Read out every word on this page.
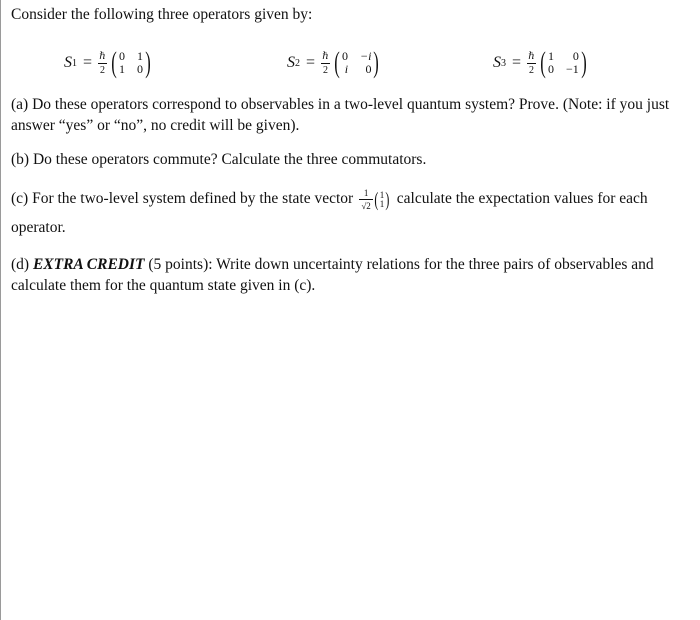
Consider the following three operators given by:
S $1 = \frac{\text{ℏ}}{2}$ ( 0 1
1 0 )	S $2 = \frac{\text{ℏ}}{2}$ ( 0 −i
i	0 )	S $3 = \frac{\text{ℏ}}{2}$ ( 1	0
0 −1 )
(a) Do these operators correspond to observables in a two-level quantum system? Prove. (Note: if you just
answer “yes” or “no”, no credit will be given).
(b) Do these operators commute? Calculate the three commutators.
(c) For the two-level system defined by the state vector $\frac{1}{√2}$ ( 1
1 ) calculate the expectation values for each
operator.
(d) EXTRA CREDIT (5 points): Write down uncertainty relations for the three pairs of observables and
calculate them for the quantum state given in (c).
